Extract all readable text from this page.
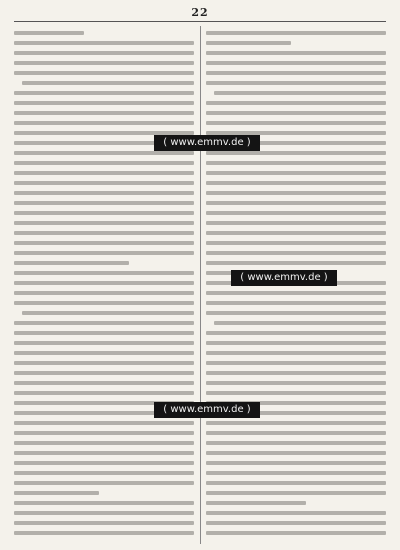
22
( www.emmv.de )
( www.emmv.de )
( www.emmv.de )
